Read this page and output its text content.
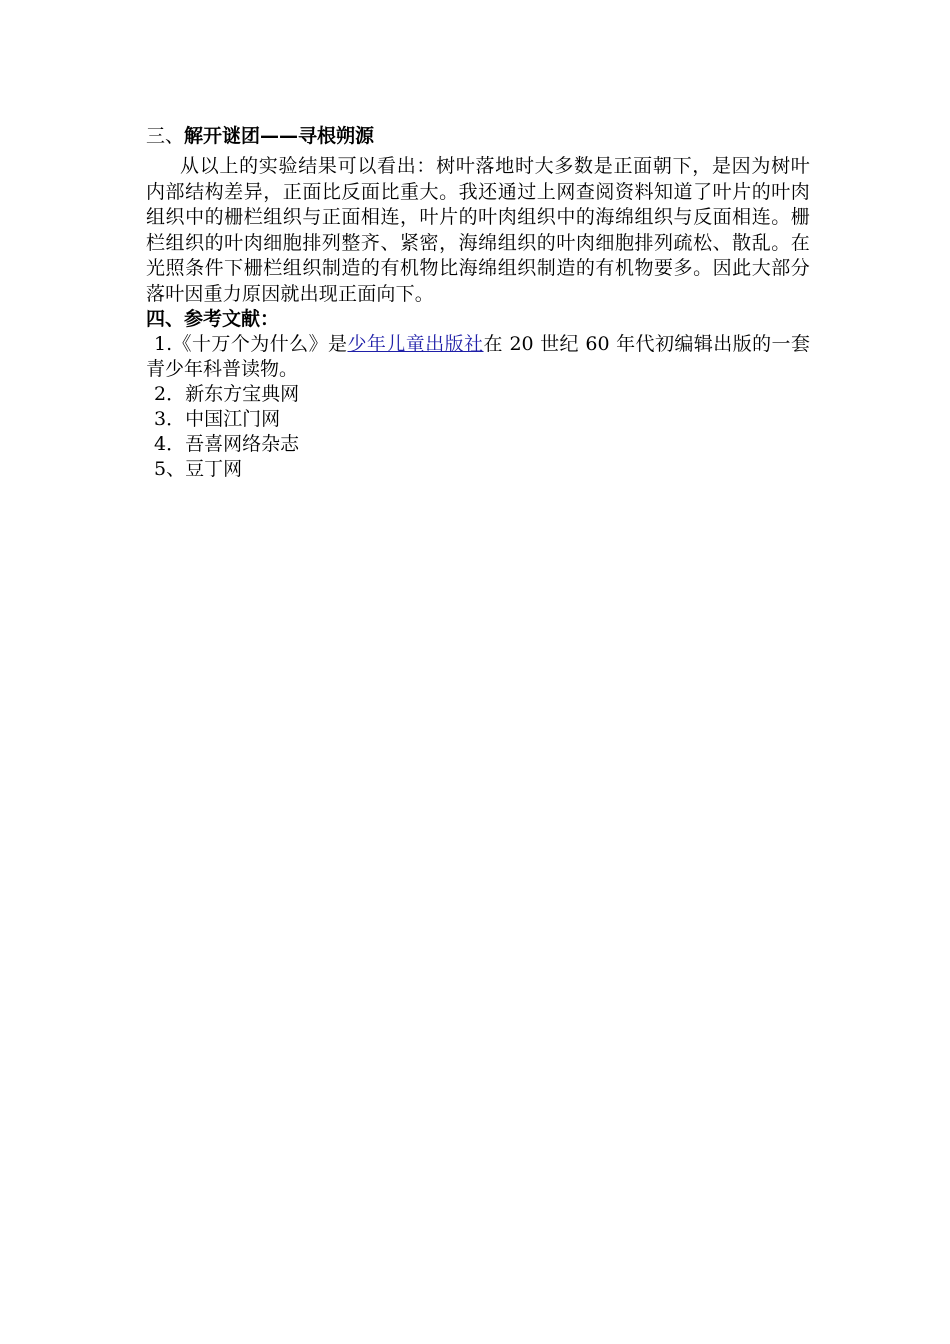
三、解开谜团——寻根朔源

从以上的实验结果可以看出：树叶落地时大多数是正面朝下，是因为树叶内部结构差异，正面比反面比重大。我还通过上网查阅资料知道了叶片的叶肉组织中的栅栏组织与正面相连，叶片的叶肉组织中的海绵组织与反面相连。栅栏组织的叶肉细胞排列整齐、紧密，海绵组织的叶肉细胞排列疏松、散乱。在光照条件下栅栏组织制造的有机物比海绵组织制造的有机物要多。因此大部分落叶因重力原因就出现正面向下。

四、参考文献：

1.《十万个为什么》是少年儿童出版社在 20 世纪 60 年代初编辑出版的一套青少年科普读物。

2．新东方宝典网

3．中国江门网

4．吾喜网络杂志

5、豆丁网
